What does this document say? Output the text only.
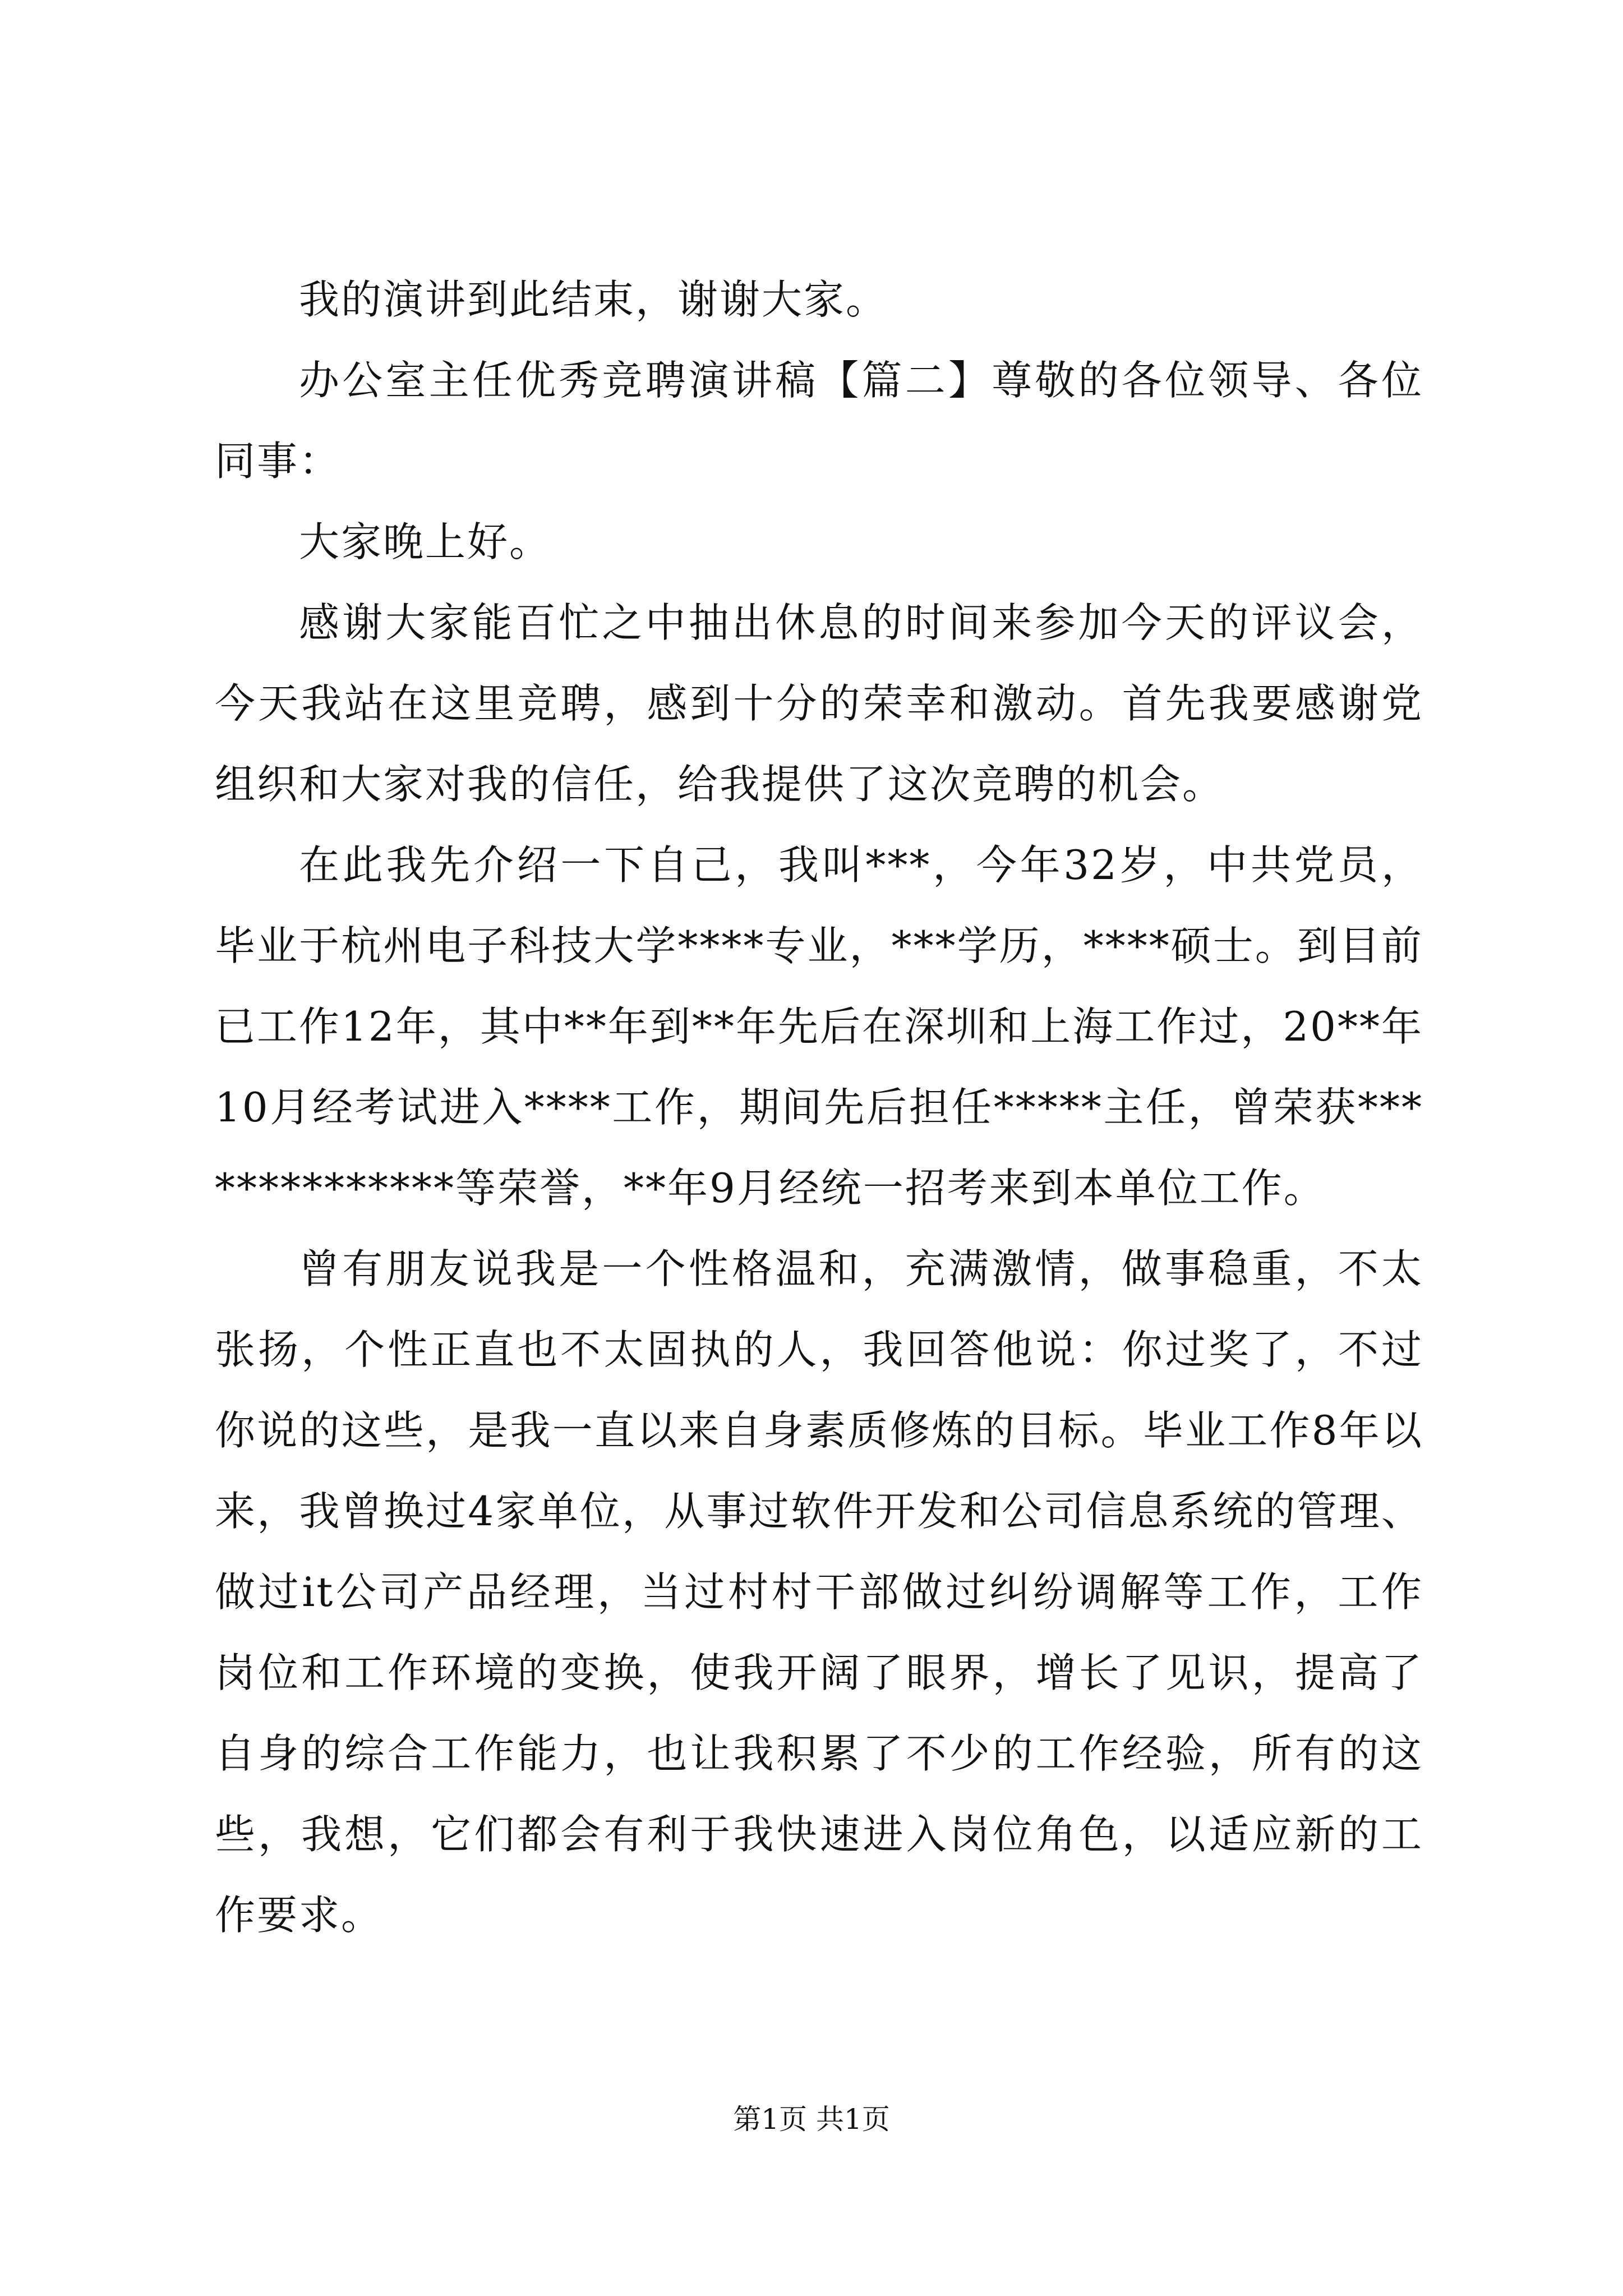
我的演讲到此结束，谢谢大家。

办公室主任优秀竞聘演讲稿【篇二】尊敬的各位领导、各位同事：

大家晚上好。

感谢大家能百忙之中抽出休息的时间来参加今天的评议会，今天我站在这里竞聘，感到十分的荣幸和激动。首先我要感谢党组织和大家对我的信任，给我提供了这次竞聘的机会。

在此我先介绍一下自己，我叫***，今年32岁，中共党员，毕业于杭州电子科技大学****专业，***学历，****硕士。到目前已工作12年，其中**年到**年先后在深圳和上海工作过，20**年10月经考试进入****工作，期间先后担任*****主任，曾荣获**************等荣誉，**年9月经统一招考来到本单位工作。

曾有朋友说我是一个性格温和，充满激情，做事稳重，不太张扬，个性正直也不太固执的人，我回答他说：你过奖了，不过你说的这些，是我一直以来自身素质修炼的目标。毕业工作8年以来，我曾换过4家单位，从事过软件开发和公司信息系统的管理、做过it公司产品经理，当过村村干部做过纠纷调解等工作，工作岗位和工作环境的变换，使我开阔了眼界，增长了见识，提高了自身的综合工作能力，也让我积累了不少的工作经验，所有的这些，我想，它们都会有利于我快速进入岗位角色，以适应新的工作要求。

第1页 共1页
